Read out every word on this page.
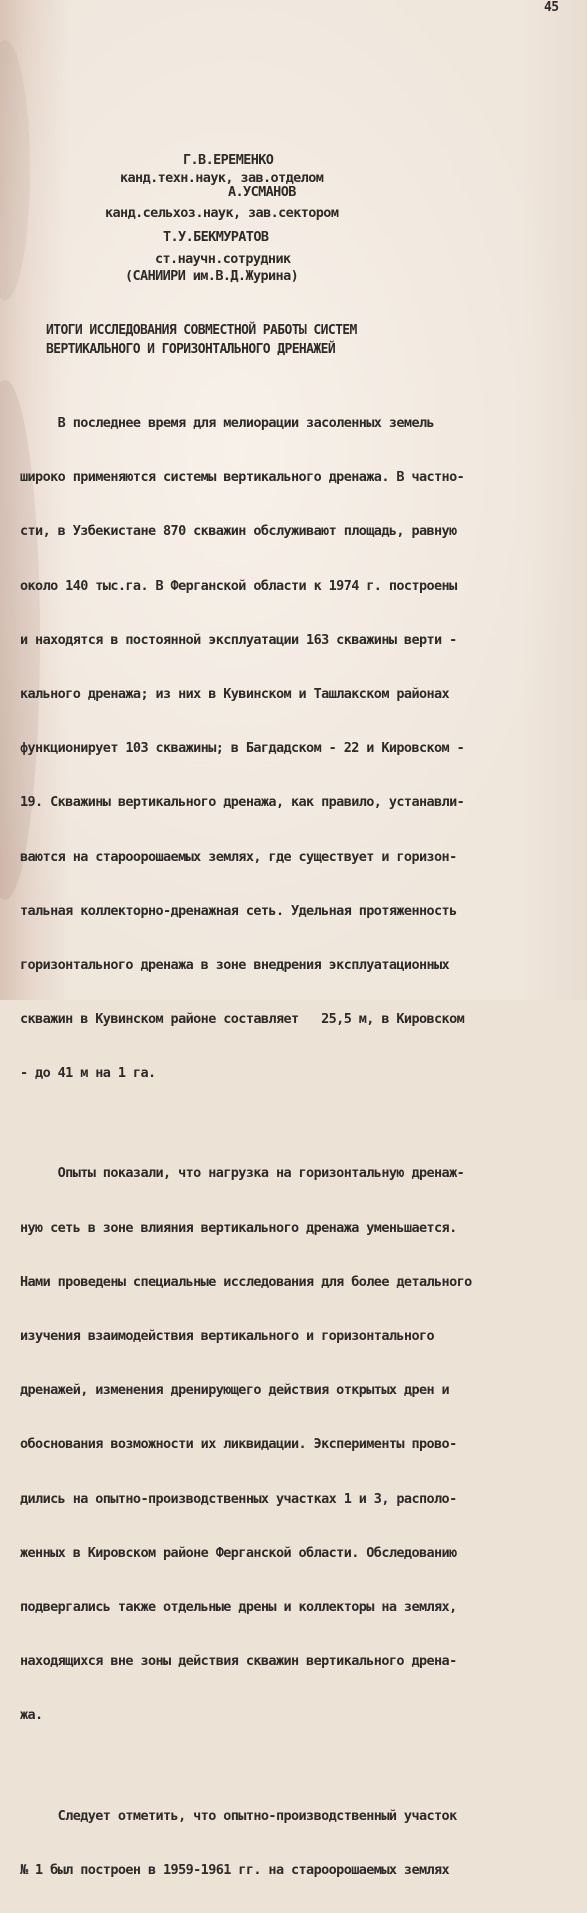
45
Г.В.ЕРЕМЕНКО
канд.техн.наук, зав.отделом
А.УСМАНОВ
канд.сельхоз.наук, зав.сектором
Т.У.БЕКМУРАТОВ
ст.научн.сотрудник
(САНИИРИ им.В.Д.Журина)
ИТОГИ ИССЛЕДОВАНИЯ СОВМЕСТНОЙ РАБОТЫ СИСТЕМ
ВЕРТИКАЛЬНОГО И ГОРИЗОНТАЛЬНОГО ДРЕНАЖЕЙ

В последнее время для мелиорации засоленных земель

широко применяются системы вертикального дренажа. В частно-

сти, в Узбекистане 870 скважин обслуживают площадь, равную

около 140 тыс.га. В Ферганской области к 1974 г. построены

и находятся в постоянной эксплуатации 163 скважины верти -

кального дренажа; из них в Кувинском и Ташлакском районах

функционирует 103 скважины; в Багдадском - 22 и Кировском -

19. Скважины вертикального дренажа, как правило, устанавли-

ваются на староорошаемых землях, где существует и горизон-

тальная коллекторно-дренажная сеть. Удельная протяженность

горизонтального дренажа в зоне внедрения эксплуатационных

скважин в Кувинском районе составляет   25,5 м, в Кировском

- до 41 м на 1 га.

Опыты показали, что нагрузка на горизонтальную дренаж-

ную сеть в зоне влияния вертикального дренажа уменьшается.

Нами проведены специальные исследования для более детального

изучения взаимодействия вертикального и горизонтального

дренажей, изменения дренирующего действия открытых дрен и

обоснования возможности их ликвидации. Эксперименты прово-

дились на опытно-производственных участках 1 и 3, располо-

женных в Кировском районе Ферганской области. Обследованию

подвергались также отдельные дрены и коллекторы на землях,

находящихся вне зоны действия скважин вертикального дрена-

жа.

Следует отметить, что опытно-производственный участок

№ 1 был построен в 1959-1961 гг. на староорошаемых землях
